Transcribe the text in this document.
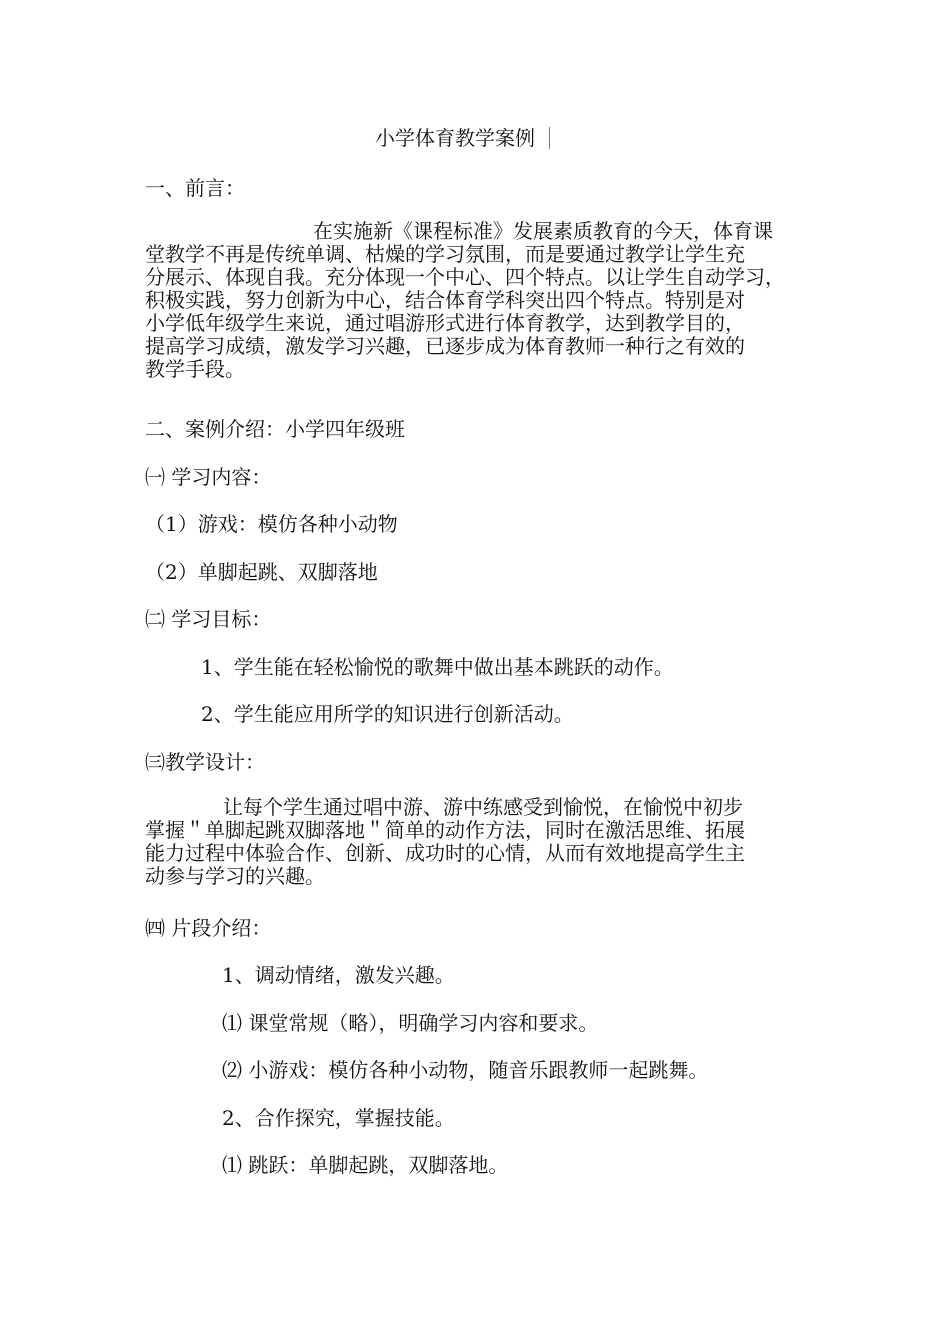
小学体育教学案例
一、前言：

在实施新《课程标准》发展素质教育的今天，体育课

堂教学不再是传统单调、枯燥的学习氛围，而是要通过教学让学生充

分展示、体现自我。充分体现一个中心、四个特点。以让学生自动学习，

积极实践，努力创新为中心，结合体育学科突出四个特点。特别是对

小学低年级学生来说，通过唱游形式进行体育教学，达到教学目的，

提高学习成绩，激发学习兴趣，已逐步成为体育教师一种行之有效的

教学手段。

二、案例介绍：小学四年级班
㈠ 学习内容：
（1）游戏：模仿各种小动物
（2）单脚起跳、双脚落地
㈡ 学习目标：
1、学生能在轻松愉悦的歌舞中做出基本跳跃的动作。
2、学生能应用所学的知识进行创新活动。
㈢教学设计：

让每个学生通过唱中游、游中练感受到愉悦，在愉悦中初步

掌握＂单脚起跳双脚落地＂简单的动作方法，同时在激活思维、拓展

能力过程中体验合作、创新、成功时的心情，从而有效地提高学生主

动参与学习的兴趣。

㈣ 片段介绍：
1、调动情绪，激发兴趣。
⑴ 课堂常规（略），明确学习内容和要求。
⑵ 小游戏：模仿各种小动物，随音乐跟教师一起跳舞。
2、合作探究，掌握技能。
⑴ 跳跃：单脚起跳，双脚落地。
